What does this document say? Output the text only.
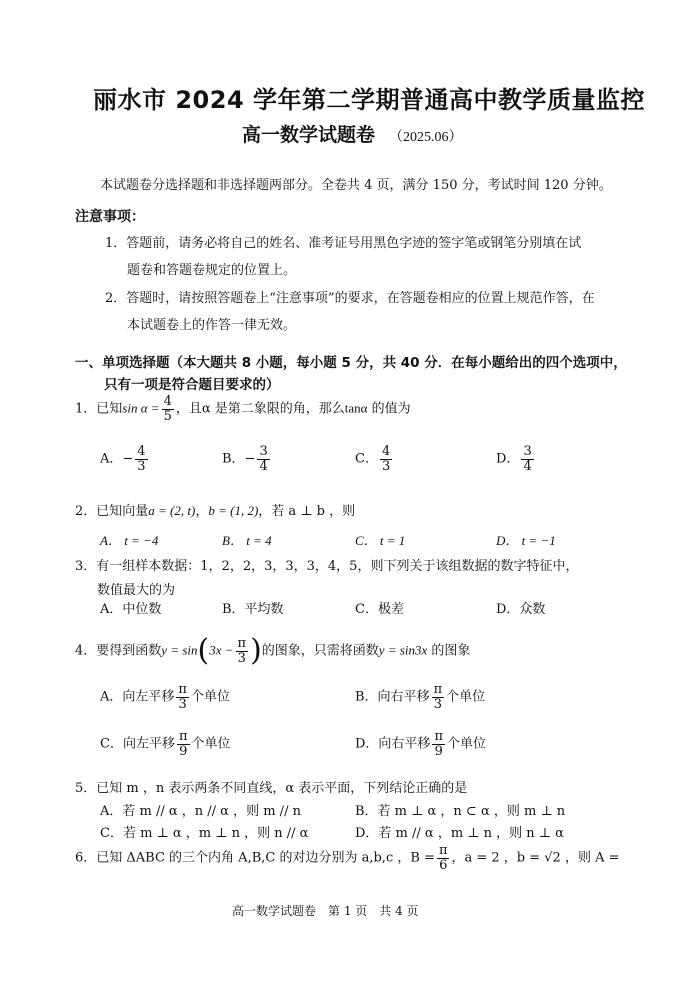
丽水市 2024 学年第二学期普通高中教学质量监控
高一数学试题卷 （2025.06）
本试题卷分选择题和非选择题两部分。全卷共 4 页，满分 150 分，考试时间 120 分钟。
注意事项：
1．答题前，请务必将自己的姓名、准考证号用黑色字迹的签字笔或钢笔分别填在试
题卷和答题卷规定的位置上。
2．答题时，请按照答题卷上“注意事项”的要求，在答题卷相应的位置上规范作答，在
本试题卷上的作答一律无效。
一、单项选择题（本大题共 8 小题，每小题 5 分，共 40 分．在每小题给出的四个选项中，
只有一项是符合题目要求的）
1．已知$\sin \alpha = \frac{4}{5}$ ，且α 是第二象限的角，那么tanα 的值为
A．− $\frac{4}{3}$	B．− $\frac{3}{4}$	C． $\frac{4}{3}$	D． $\frac{3}{4}$
2．已知向量a = (2, t)，b = (1, 2)，若 a ⊥ b ，则
A． t = −4	B． t = 4	C． t = 1	D． t = −1
3．有一组样本数据：1，2，2，3，3，3，4，5，则下列关于该组数据的数字特征中，
数值最大的为
A．中位数	B．平均数	C．极差	D．众数
4．要得到函数$y = \sin(3x - \frac{\pi}{3}$ )的图象，只需将函数y = sin3x 的图象
A．向左平移 $\frac{\pi}{3}$ 个单位	B．向右平移 $\frac{\pi}{3}$ 个单位
C．向左平移 $\frac{\pi}{9}$ 个单位	D．向右平移 $\frac{\pi}{9}$ 个单位
5．已知 m ，n 表示两条不同直线，α 表示平面，下列结论正确的是
A．若 m // α ，n // α ，则 m // n	B．若 m ⊥ α ，n ⊂ α ，则 m ⊥ n
C．若 m ⊥ α ，m ⊥ n ，则 n // α	D．若 m // α ，m ⊥ n ，则 n ⊥ α
6．已知 ΔABC 的三个内角 A,B,C 的对边分别为 a,b,c ，$B = \frac{\pi}{6}$ ，a = 2 ，b = √2 ，则 A =
高一数学试题卷　第 1 页　共 4 页
